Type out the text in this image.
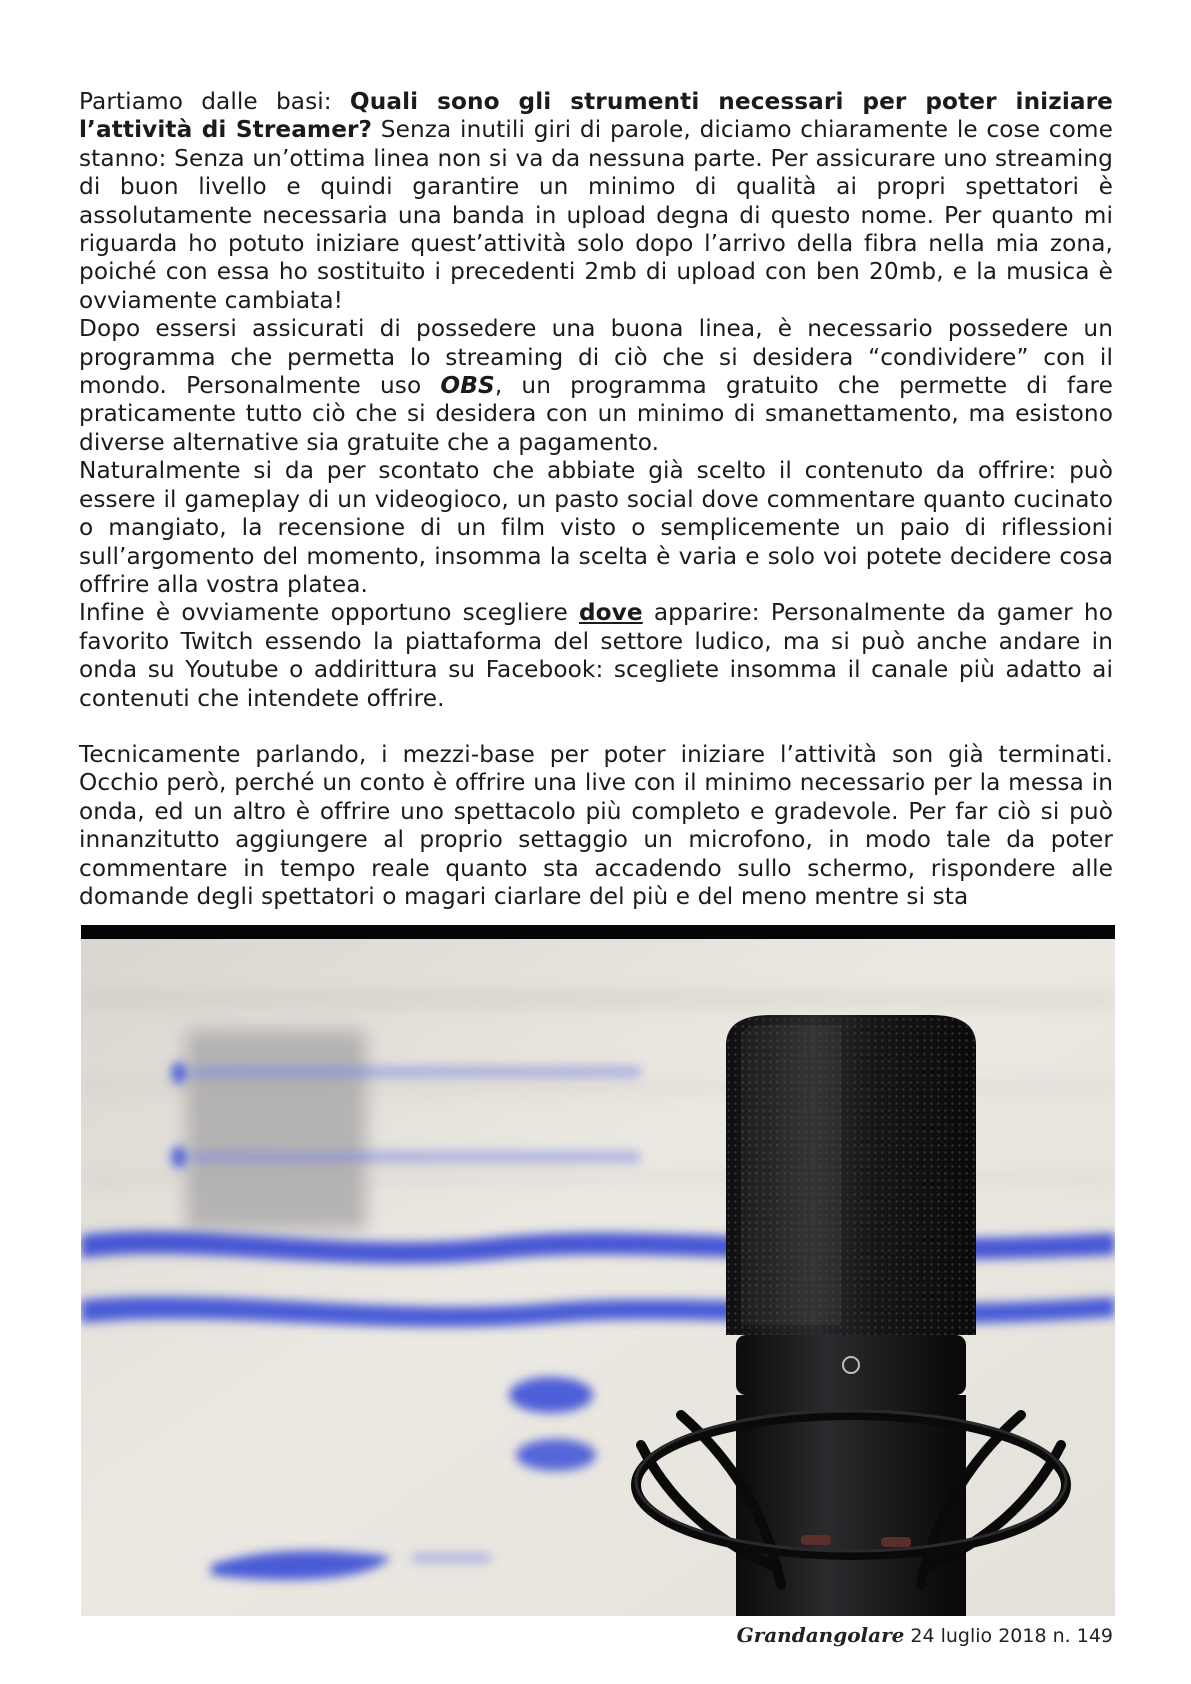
Partiamo dalle basi: Quali sono gli strumenti necessari per poter iniziare l’attività di Streamer? Senza inutili giri di parole, diciamo chiaramente le cose come stanno: Senza un’ottima linea non si va da nessuna parte. Per assicurare uno streaming di buon livello e quindi garantire un minimo di qualità ai propri spettatori è assolutamente necessaria una banda in upload degna di questo nome. Per quanto mi riguarda ho potuto iniziare quest’attività solo dopo l’arrivo della fibra nella mia zona, poiché con essa ho sostituito i precedenti 2mb di upload con ben 20mb, e la musica è ovviamente cambiata!

Dopo essersi assicurati di possedere una buona linea, è necessario possedere un programma che permetta lo streaming di ciò che si desidera “condividere” con il mondo. Personalmente uso OBS, un programma gratuito che permette di fare praticamente tutto ciò che si desidera con un minimo di smanettamento, ma esistono diverse alternative sia gratuite che a pagamento.

Naturalmente si da per scontato che abbiate già scelto il contenuto da offrire: può essere il gameplay di un videogioco, un pasto social dove commentare quanto cucinato o mangiato, la recensione di un film visto o semplicemente un paio di riflessioni sull’argomento del momento, insomma la scelta è varia e solo voi potete decidere cosa offrire alla vostra platea.

Infine è ovviamente opportuno scegliere dove apparire: Personalmente da gamer ho favorito Twitch essendo la piattaforma del settore ludico, ma si può anche andare in onda su Youtube o addirittura su Facebook: scegliete insomma il canale più adatto ai contenuti che intendete offrire.

Tecnicamente parlando, i mezzi-base per poter iniziare l’attività son già terminati. Occhio però, perché un conto è offrire una live con il minimo necessario per la messa in onda, ed un altro è offrire uno spettacolo più completo e gradevole. Per far ciò si può innanzitutto aggiungere al proprio settaggio un microfono, in modo tale da poter commentare in tempo reale quanto sta accadendo sullo schermo, rispondere alle domande degli spettatori o magari ciarlare del più e del meno mentre si sta

Grandangolare 24 luglio 2018 n. 149
